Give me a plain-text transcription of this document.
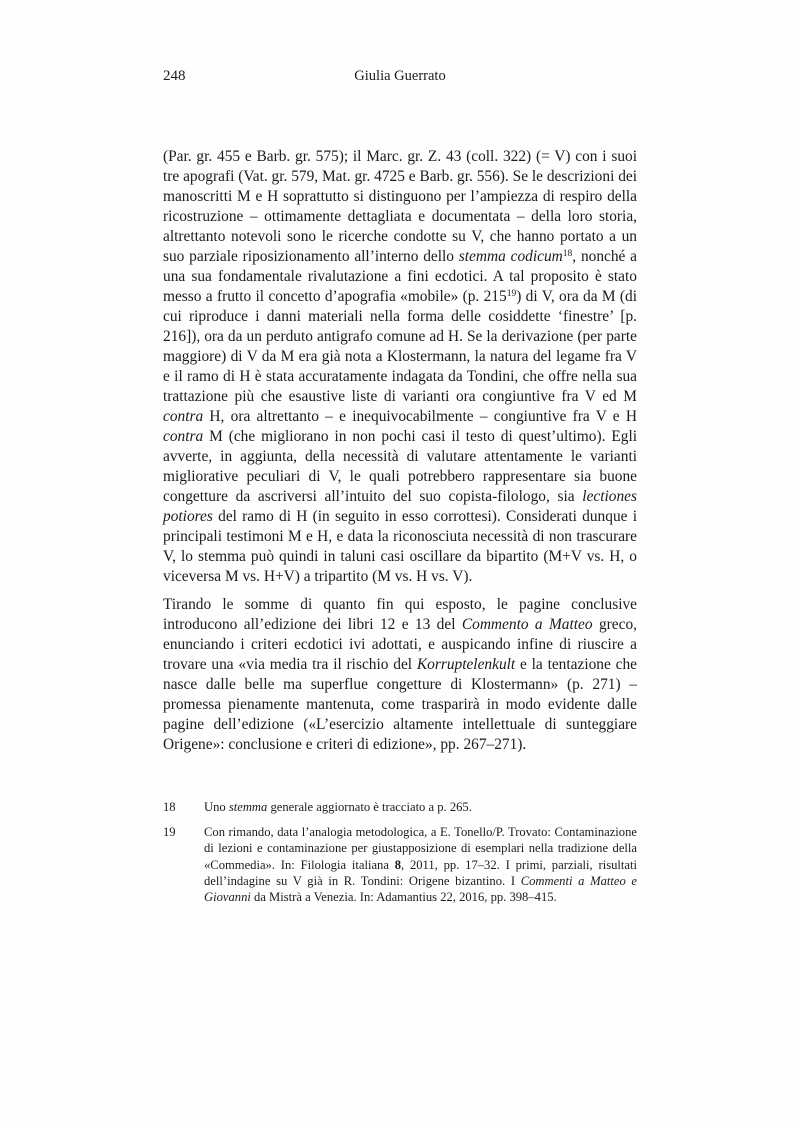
248	Giulia Guerrato

(Par. gr. 455 e Barb. gr. 575); il Marc. gr. Z. 43 (coll. 322) (= V) con i suoi tre apografi (Vat. gr. 579, Mat. gr. 4725 e Barb. gr. 556). Se le descrizioni dei manoscritti M e H soprattutto si distinguono per l’ampiezza di respiro della ricostruzione – ottimamente dettagliata e documentata – della loro storia, altrettanto notevoli sono le ricerche condotte su V, che hanno portato a un suo parziale riposizionamento all’interno dello stemma codicum$^{18}$, nonché a una sua fondamentale rivalutazione a fini ecdotici. A tal proposito è stato messo a frutto il concetto d’apografia «mobile» (p. $215^{19}$) di V, ora da M (di cui riproduce i danni materiali nella forma delle cosiddette ‘finestre’ [p. 216]), ora da un perduto antigrafo comune ad H. Se la derivazione (per parte maggiore) di V da M era già nota a Klostermann, la natura del legame fra V e il ramo di H è stata accuratamente indagata da Tondini, che offre nella sua trattazione più che esaustive liste di varianti ora congiuntive fra V ed M contra H, ora altrettanto – e inequivocabilmente – congiuntive fra V e H contra M (che migliorano in non pochi casi il testo di quest’ultimo). Egli avverte, in aggiunta, della necessità di valutare attentamente le varianti migliorative peculiari di V, le quali potrebbero rappresentare sia buone congetture da ascriversi all’intuito del suo copista-filologo, sia lectiones potiores del ramo di H (in seguito in esso corrottesi). Considerati dunque i principali testimoni M e H, e data la riconosciuta necessità di non trascurare V, lo stemma può quindi in taluni casi oscillare da bipartito (M+V vs. H, o viceversa M vs. H+V) a tripartito (M vs. H vs. V).

Tirando le somme di quanto fin qui esposto, le pagine conclusive introducono all’edizione dei libri 12 e 13 del Commento a Matteo greco, enunciando i criteri ecdotici ivi adottati, e auspicando infine di riuscire a trovare una «via media tra il rischio del Korruptelenkult e la tentazione che nasce dalle belle ma superflue congetture di Klostermann» (p. 271) – promessa pienamente mantenuta, come trasparirà in modo evidente dalle pagine dell’edizione («L’esercizio altamente intellettuale di sunteggiare Origene»: conclusione e criteri di edizione», pp. 267–271).

18	Uno stemma generale aggiornato è tracciato a p. 265.
19	Con rimando, data l’analogia metodologica, a E. Tonello/P. Trovato: Contaminazione di lezioni e contaminazione per giustapposizione di esemplari nella tradizione della «Commedia». In: Filologia italiana 8, 2011, pp. 17–32. I primi, parziali, risultati dell’indagine su V già in R. Tondini: Origene bizantino. I Commenti a Matteo e Giovanni da Mistrà a Venezia. In: Adamantius 22, 2016, pp. 398–415.
